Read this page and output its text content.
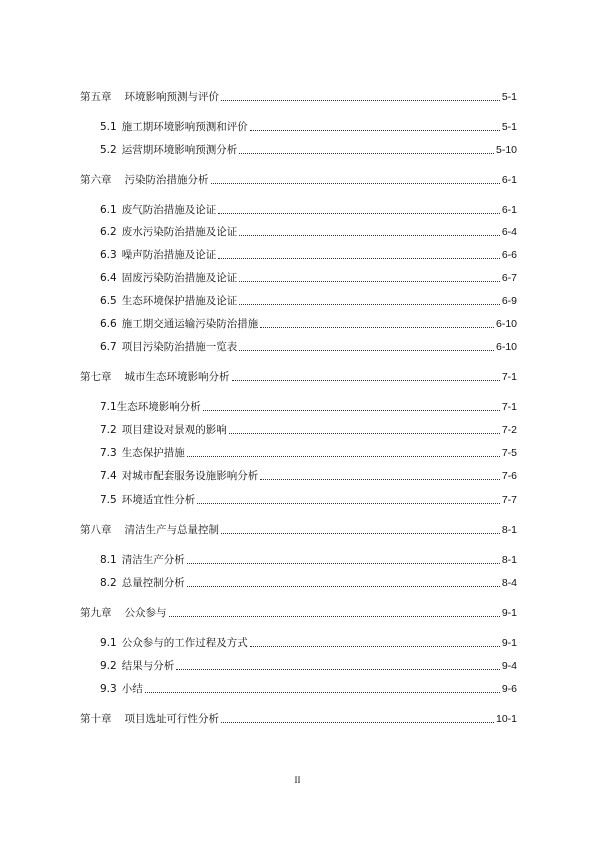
第五章	环境影响预测与评价	5-1
5.1 施工期环境影响预测和评价	5-1
5.2 运营期环境影响预测分析	5-10
第六章	污染防治措施分析	6-1
6.1 废气防治措施及论证	6-1
6.2 废水污染防治措施及论证	6-4
6.3 噪声防治措施及论证	6-6
6.4 固废污染防治措施及论证	6-7
6.5 生态环境保护措施及论证	6-9
6.6 施工期交通运输污染防治措施	6-10
6.7 项目污染防治措施一览表	6-10
第七章	城市生态环境影响分析	7-1
7.1 生态环境影响分析	7-1
7.2 项目建设对景观的影响	7-2
7.3 生态保护措施	7-5
7.4 对城市配套服务设施影响分析	7-6
7.5 环境适宜性分析	7-7
第八章	清洁生产与总量控制	8-1
8.1 清洁生产分析	8-1
8.2 总量控制分析	8-4
第九章	公众参与	9-1
9.1 公众参与的工作过程及方式	9-1
9.2 结果与分析	9-4
9.3 小结	9-6
第十章	项目选址可行性分析	10-1
II
